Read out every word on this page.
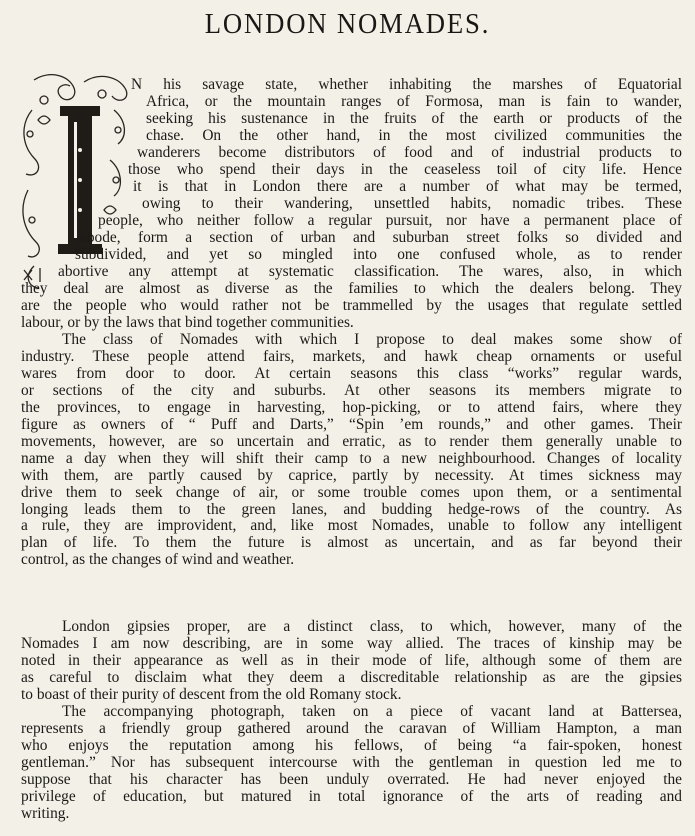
LONDON NOMADES.
N his savage state, whether inhabiting the marshes of Equatorial
Africa, or the mountain ranges of Formosa, man is fain to wander,
seeking his sustenance in the fruits of the earth or products of the
chase. On the other hand, in the most civilized communities the
wanderers become distributors of food and of industrial products to
those who spend their days in the ceaseless toil of city life. Hence
it is that in London there are a number of what may be termed,
owing to their wandering, unsettled habits, nomadic tribes. These
people, who neither follow a regular pursuit, nor have a permanent place of
abode, form a section of urban and suburban street folks so divided and
subdivided, and yet so mingled into one confused whole, as to render
abortive any attempt at systematic classification. The wares, also, in which
they deal are almost as diverse as the families to which the dealers belong. They
are the people who would rather not be trammelled by the usages that regulate settled
labour, or by the laws that bind together communities.
The class of Nomades with which I propose to deal makes some show of
industry. These people attend fairs, markets, and hawk cheap ornaments or useful
wares from door to door. At certain seasons this class “works” regular wards,
or sections of the city and suburbs. At other seasons its members migrate to
the provinces, to engage in harvesting, hop-picking, or to attend fairs, where they
figure as owners of “ Puff and Darts,” “Spin ’em rounds,” and other games. Their
movements, however, are so uncertain and erratic, as to render them generally unable to
name a day when they will shift their camp to a new neighbourhood. Changes of locality
with them, are partly caused by caprice, partly by necessity. At times sickness may
drive them to seek change of air, or some trouble comes upon them, or a sentimental
longing leads them to the green lanes, and budding hedge-rows of the country. As
a rule, they are improvident, and, like most Nomades, unable to follow any intelligent
plan of life. To them the future is almost as uncertain, and as far beyond their
control, as the changes of wind and weather.
London gipsies proper, are a distinct class, to which, however, many of the
Nomades I am now describing, are in some way allied. The traces of kinship may be
noted in their appearance as well as in their mode of life, although some of them are
as careful to disclaim what they deem a discreditable relationship as are the gipsies
to boast of their purity of descent from the old Romany stock.
The accompanying photograph, taken on a piece of vacant land at Battersea,
represents a friendly group gathered around the caravan of William Hampton, a man
who enjoys the reputation among his fellows, of being “a fair-spoken, honest
gentleman.” Nor has subsequent intercourse with the gentleman in question led me to
suppose that his character has been unduly overrated. He had never enjoyed the
privilege of education, but matured in total ignorance of the arts of reading and
writing.
